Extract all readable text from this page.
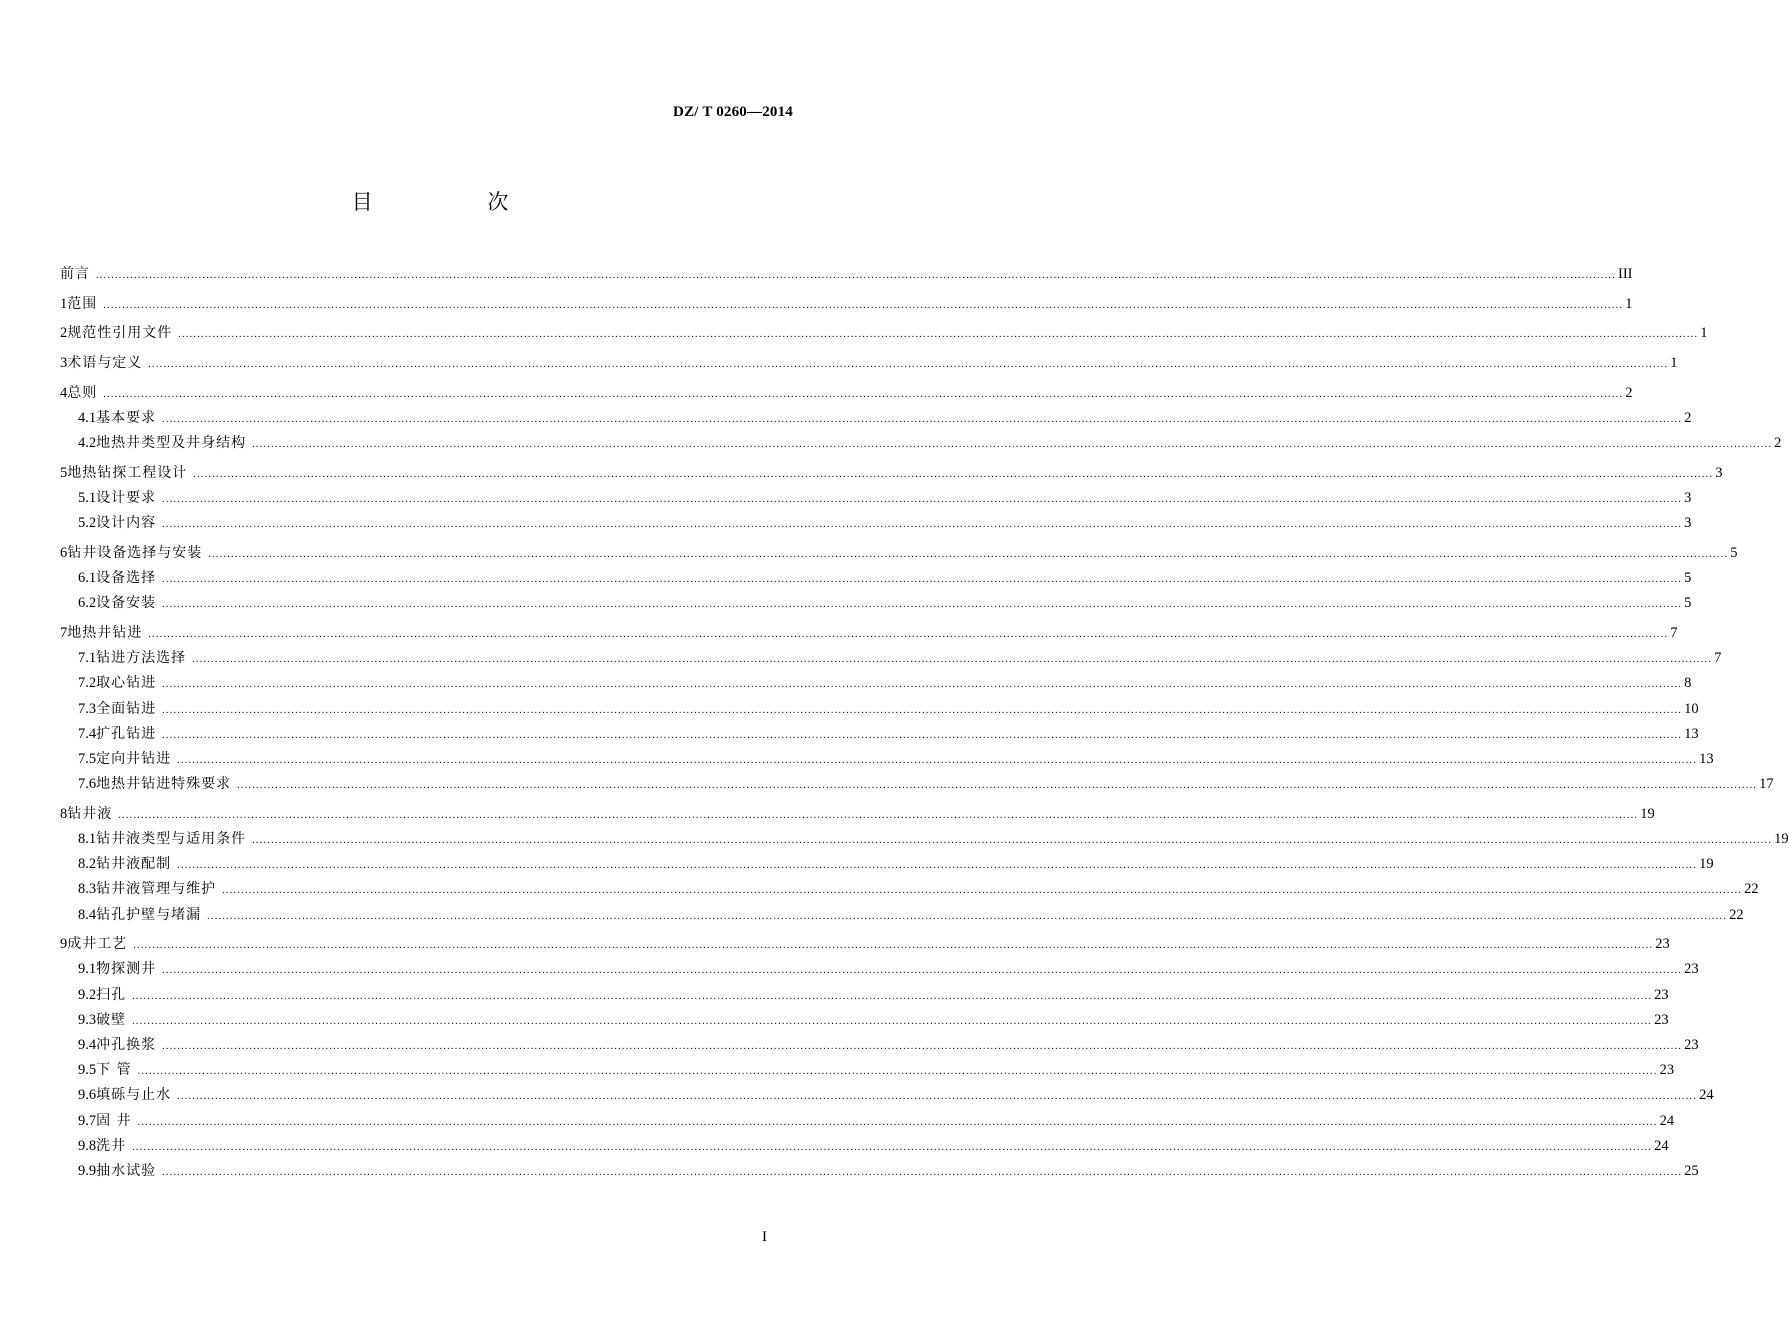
DZ/ T 0260—2014
目 次
前言 ................................................................................................................................................................................................................................................................................................................................................................................................................ III
1 范围 ................................................................................................................................................................................................................................................................................................................................................................................................................ 1
2 规范性引用文件 ................................................................................................................................................................................................................................................................................................................................................................................................................ 1
3 术语与定义 ................................................................................................................................................................................................................................................................................................................................................................................................................ 1
4 总则 ................................................................................................................................................................................................................................................................................................................................................................................................................ 2
4.1 基本要求 ................................................................................................................................................................................................................................................................................................................................................................................................................ 2
4.2 地热井类型及井身结构 ................................................................................................................................................................................................................................................................................................................................................................................................................ 2
5 地热钻探工程设计 ................................................................................................................................................................................................................................................................................................................................................................................................................ 3
5.1 设计要求 ................................................................................................................................................................................................................................................................................................................................................................................................................ 3
5.2 设计内容 ................................................................................................................................................................................................................................................................................................................................................................................................................ 3
6 钻井设备选择与安装 ................................................................................................................................................................................................................................................................................................................................................................................................................ 5
6.1 设备选择 ................................................................................................................................................................................................................................................................................................................................................................................................................ 5
6.2 设备安装 ................................................................................................................................................................................................................................................................................................................................................................................................................ 5
7 地热井钻进 ................................................................................................................................................................................................................................................................................................................................................................................................................ 7
7.1 钻进方法选择 ................................................................................................................................................................................................................................................................................................................................................................................................................ 7
7.2 取心钻进 ................................................................................................................................................................................................................................................................................................................................................................................................................ 8
7.3 全面钻进 ................................................................................................................................................................................................................................................................................................................................................................................................................ 10
7.4 扩孔钻进 ................................................................................................................................................................................................................................................................................................................................................................................................................ 13
7.5 定向井钻进 ................................................................................................................................................................................................................................................................................................................................................................................................................ 13
7.6 地热井钻进特殊要求 ................................................................................................................................................................................................................................................................................................................................................................................................................ 17
8 钻井液 ................................................................................................................................................................................................................................................................................................................................................................................................................ 19
8.1 钻井液类型与适用条件 ................................................................................................................................................................................................................................................................................................................................................................................................................ 19
8.2 钻井液配制 ................................................................................................................................................................................................................................................................................................................................................................................................................ 19
8.3 钻井液管理与维护 ................................................................................................................................................................................................................................................................................................................................................................................................................ 22
8.4 钻孔护壁与堵漏 ................................................................................................................................................................................................................................................................................................................................................................................................................ 22
9 成井工艺 ................................................................................................................................................................................................................................................................................................................................................................................................................ 23
9.1 物探测井 ................................................................................................................................................................................................................................................................................................................................................................................................................ 23
9.2 扫孔 ................................................................................................................................................................................................................................................................................................................................................................................................................ 23
9.3 破壁 ................................................................................................................................................................................................................................................................................................................................................................................................................ 23
9.4 冲孔换浆 ................................................................................................................................................................................................................................................................................................................................................................................................................ 23
9.5 下 管 ................................................................................................................................................................................................................................................................................................................................................................................................................ 23
9.6 填砾与止水 ................................................................................................................................................................................................................................................................................................................................................................................................................ 24
9.7 固 井 ................................................................................................................................................................................................................................................................................................................................................................................................................ 24
9.8 洗井 ................................................................................................................................................................................................................................................................................................................................................................................................................ 24
9.9 抽水试验 ................................................................................................................................................................................................................................................................................................................................................................................................................ 25
I
